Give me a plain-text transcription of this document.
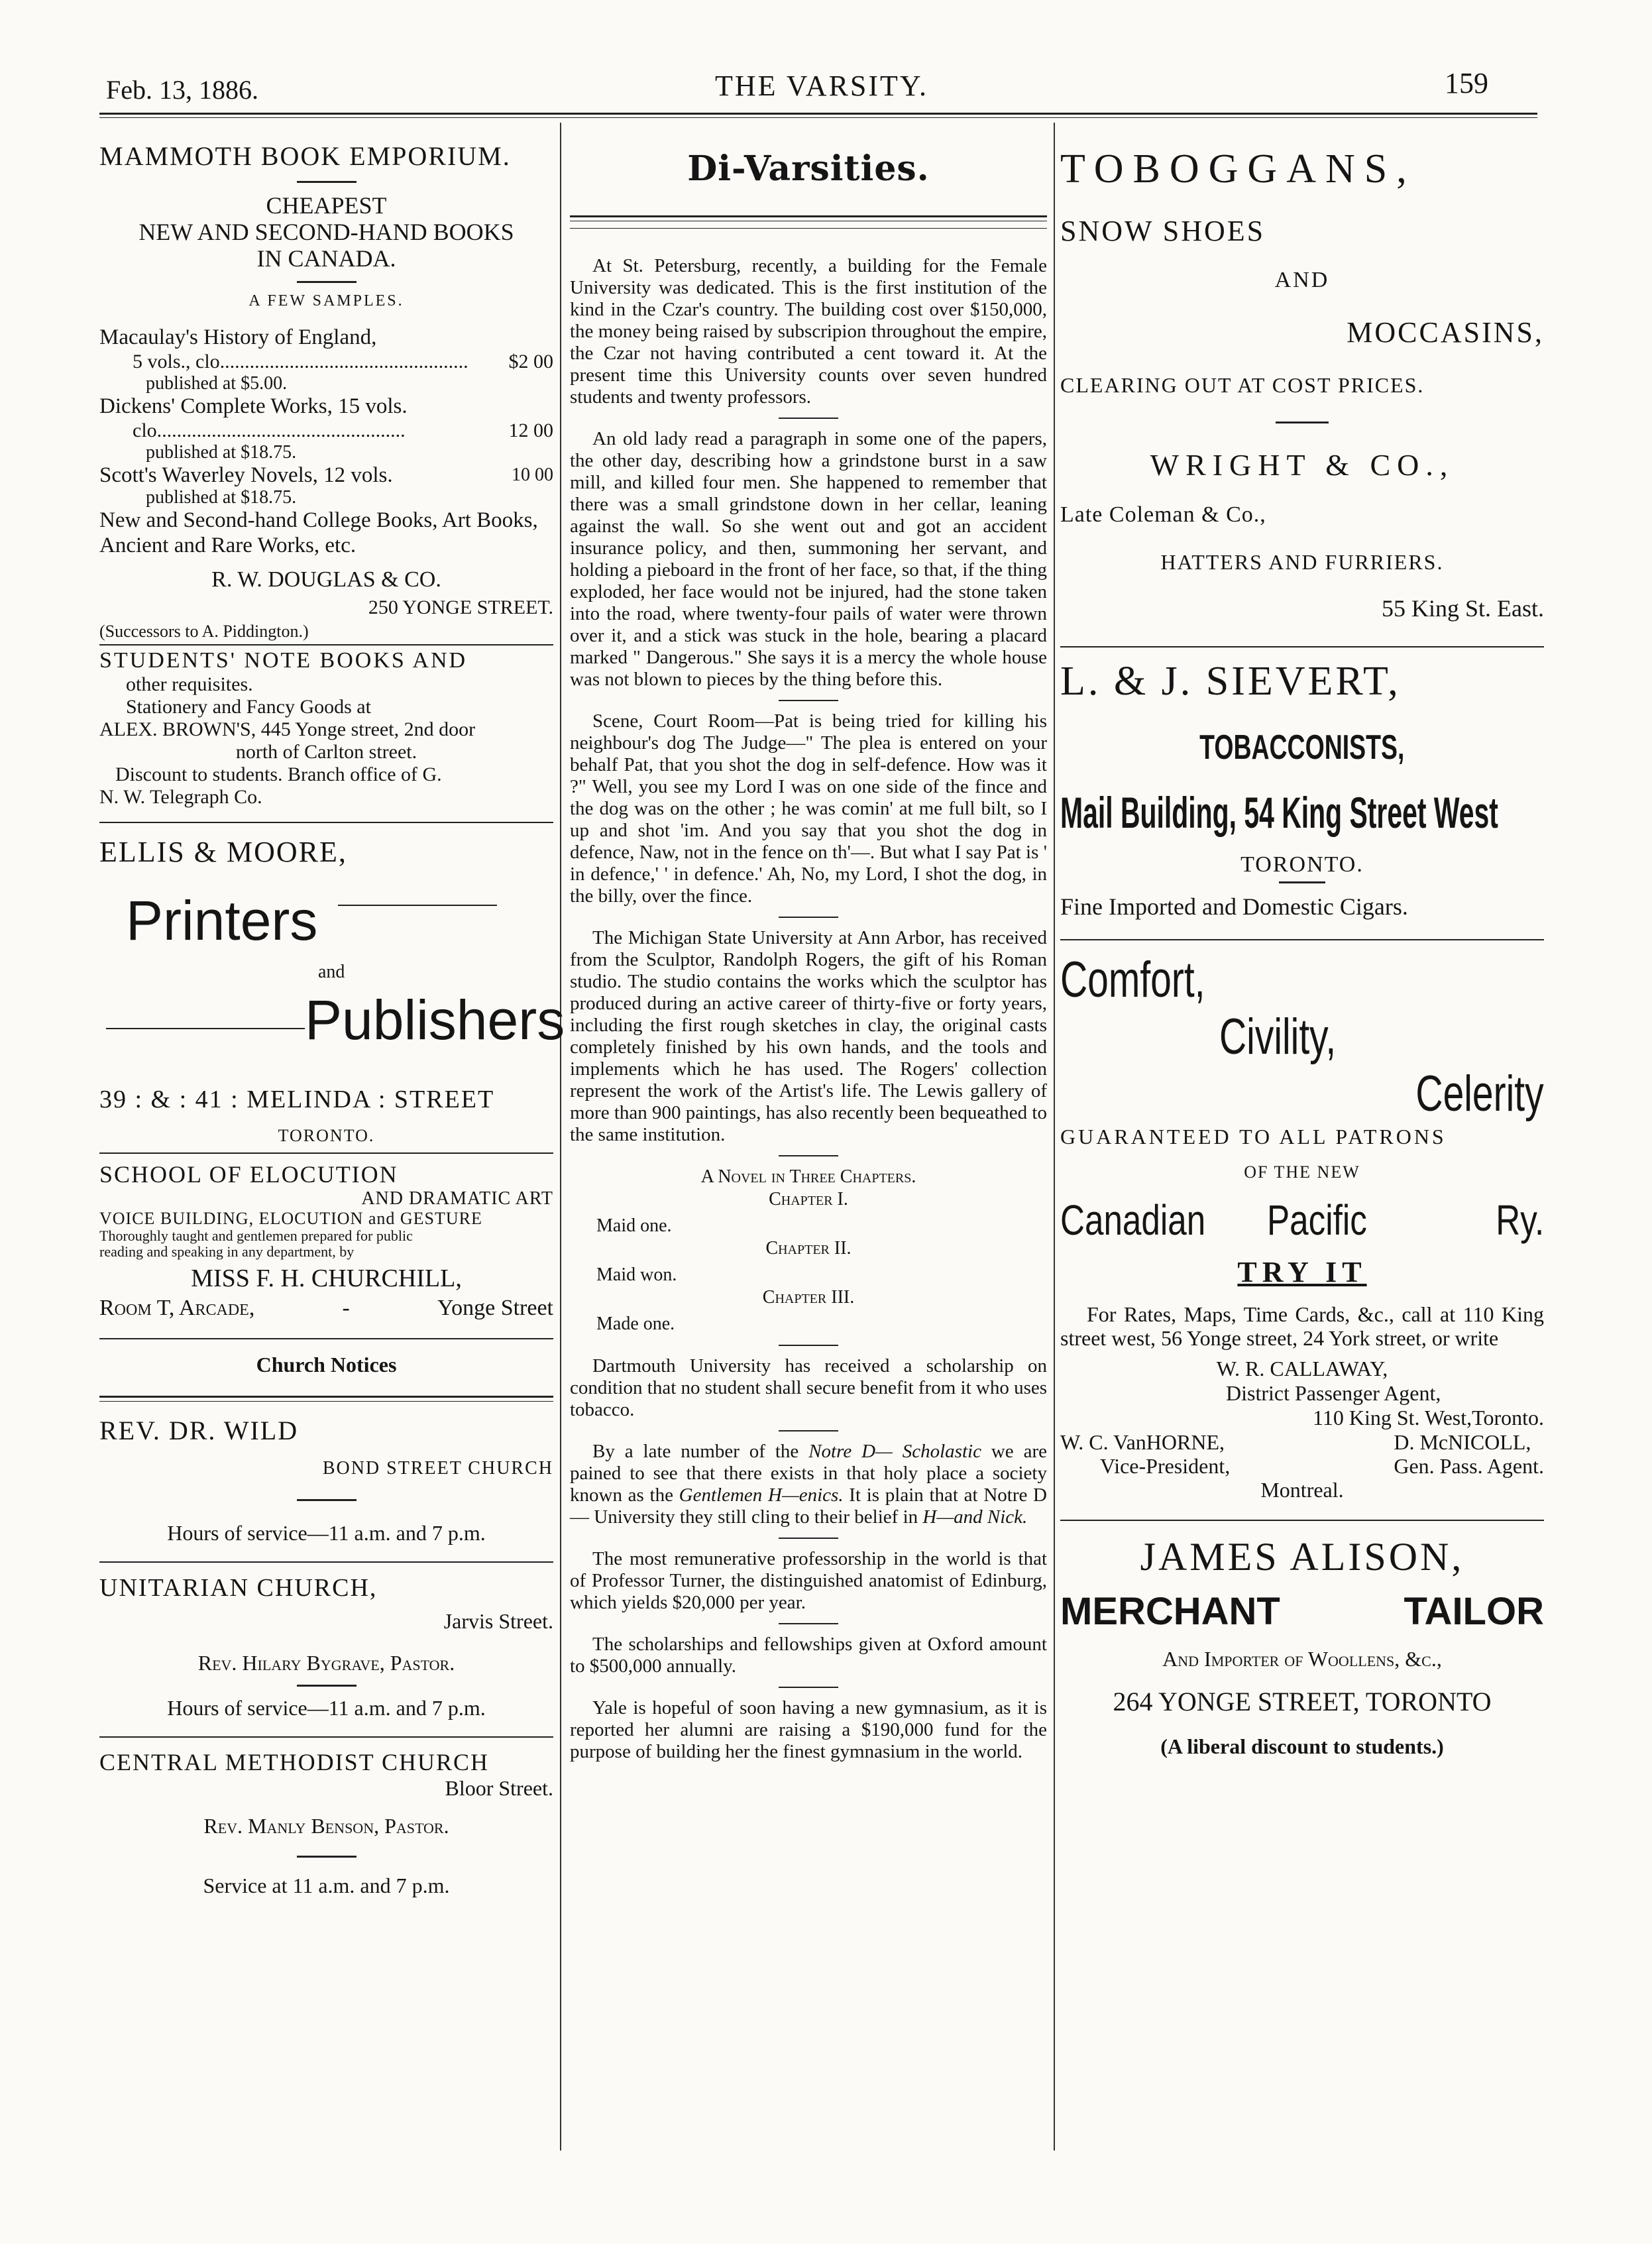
Feb. 13, 1886.	THE VARSITY.	159
MAMMOTH BOOK EMPORIUM.
CHEAPEST
NEW AND SECOND-HAND BOOKS
IN CANADA.
A FEW SAMPLES.
Macaulay's History of England,
5 vols., clo ..................................................	$2 00
published at $5.00.
Dickens' Complete Works, 15 vols.
clo ..................................................	12 00
published at $18.75.
Scott's Waverley Novels, 12 vols.	10 00
published at $18.75.
New and Second-hand College Books, Art Books, Ancient and Rare Works, etc.
R. W. DOUGLAS & CO.
250 YONGE STREET.
(Successors to A. Piddington.)
STUDENTS' NOTE BOOKS AND
other requisites.
Stationery and Fancy Goods at
ALEX. BROWN'S, 445 Yonge street, 2nd door
north of Carlton street.
Discount to students. Branch office of G.
N. W. Telegraph Co.
ELLIS & MOORE,
Printers
and
Publishers
39 : & : 41 : MELINDA : STREET
TORONTO.
SCHOOL OF ELOCUTION
AND DRAMATIC ART
VOICE BUILDING, ELOCUTION and GESTURE
Thoroughly taught and gentlemen prepared for public
reading and speaking in any department, by
MISS F. H. CHURCHILL,
Room T, Arcade,	-	Yonge Street
Church Notices
REV. DR. WILD
BOND STREET CHURCH
Hours of service—11 a.m. and 7 p.m.
UNITARIAN CHURCH,
Jarvis Street.
Rev. Hilary Bygrave, Pastor.
Hours of service—11 a.m. and 7 p.m.
CENTRAL METHODIST CHURCH
Bloor Street.
Rev. Manly Benson, Pastor.
Service at 11 a.m. and 7 p.m.
Di-Varsities.

At St. Petersburg, recently, a building for the Female University was dedicated. This is the first institution of the kind in the Czar's country. The building cost over $150,000, the money being raised by subscripion throughout the empire, the Czar not having contributed a cent toward it. At the present time this University counts over seven hundred students and twenty professors.

An old lady read a paragraph in some one of the papers, the other day, describing how a grindstone burst in a saw mill, and killed four men. She happened to remember that there was a small grindstone down in her cellar, leaning against the wall. So she went out and got an accident insurance policy, and then, summoning her servant, and holding a pieboard in the front of her face, so that, if the thing exploded, her face would not be injured, had the stone taken into the road, where twenty-four pails of water were thrown over it, and a stick was stuck in the hole, bearing a placard marked " Dangerous." She says it is a mercy the whole house was not blown to pieces by the thing before this.

Scene, Court Room—Pat is being tried for killing his neighbour's dog The Judge—" The plea is entered on your behalf Pat, that you shot the dog in self-defence. How was it ?" Well, you see my Lord I was on one side of the fince and the dog was on the other ; he was comin' at me full bilt, so I up and shot 'im. And you say that you shot the dog in defence, Naw, not in the fence on th'—. But what I say Pat is ' in defence,' ' in defence.' Ah, No, my Lord, I shot the dog, in the billy, over the fince.

The Michigan State University at Ann Arbor, has received from the Sculptor, Randolph Rogers, the gift of his Roman studio. The studio contains the works which the sculptor has produced during an active career of thirty-five or forty years, including the first rough sketches in clay, the original casts completely finished by his own hands, and the tools and implements which he has used. The Rogers' collection represent the work of the Artist's life. The Lewis gallery of more than 900 paintings, has also recently been bequeathed to the same institution.

A Novel in Three Chapters.
Chapter I.
Maid one.
Chapter II.
Maid won.
Chapter III.
Made one.

Dartmouth University has received a scholarship on condition that no student shall secure benefit from it who uses tobacco.

By a late number of the Notre D— Scholastic we are pained to see that there exists in that holy place a society known as the Gentlemen H—enics. It is plain that at Notre D— University they still cling to their belief in H—and Nick.

The most remunerative professorship in the world is that of Professor Turner, the distinguished anatomist of Edinburg, which yields $20,000 per year.

The scholarships and fellowships given at Oxford amount to $500,000 annually.

Yale is hopeful of soon having a new gymnasium, as it is reported her alumni are raising a $190,000 fund for the purpose of building her the finest gymnasium in the world.

TOBOGGANS,
SNOW SHOES
AND
MOCCASINS,
CLEARING OUT AT COST PRICES.
WRIGHT & CO.,
Late Coleman & Co.,
HATTERS AND FURRIERS.
55 King St. East.
L. & J. SIEVERT,
TOBACCONISTS,
Mail Building, 54 King Street West
TORONTO.
Fine Imported and Domestic Cigars.
Comfort,
Civility,
Celerity
GUARANTEED TO ALL PATRONS
OF THE NEW
Canadian	Pacific	Ry.
TRY IT
For Rates, Maps, Time Cards, &c., call at 110 King street west, 56 Yonge street, 24 York street, or write
W. R. CALLAWAY,
District Passenger Agent,
110 King St. West,Toronto.
W. C. VanHORNE,
Vice-President,
D. McNICOLL,
Gen. Pass. Agent.
Montreal.
JAMES ALISON,
MERCHANT	TAILOR
And Importer of Woollens, &c.,
264 YONGE STREET, TORONTO
(A liberal discount to students.)
